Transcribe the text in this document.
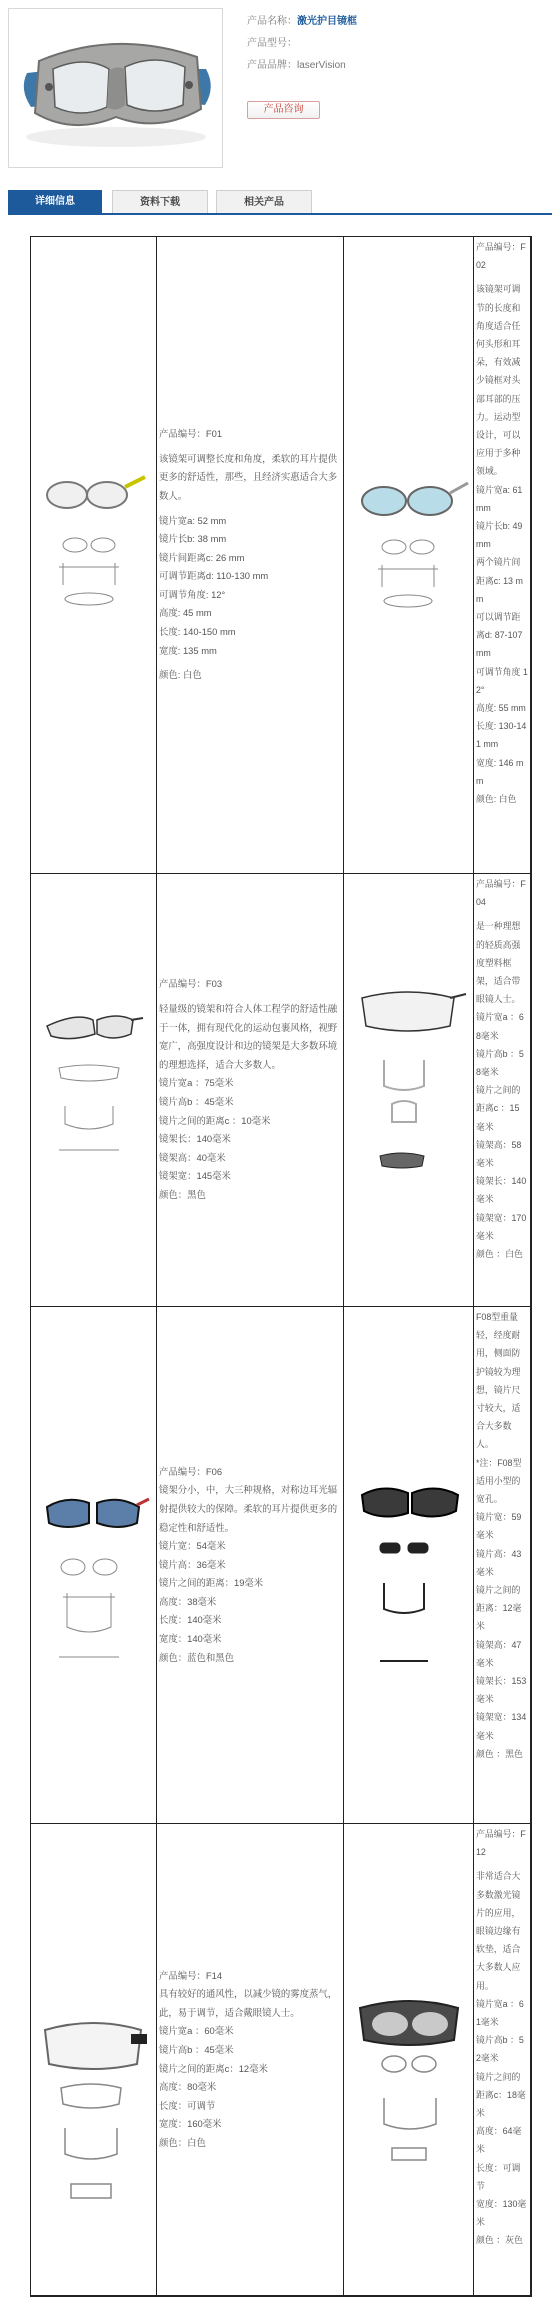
产品名称：激光护目镜框
产品型号：
产品品牌：laserVision
产品咨询
详细信息	资料下载	相关产品

产品编号：F01

该镜架可调整长度和角度，柔软的耳片提供更多的舒适性，那些，且经济实惠适合大多数人。

镜片宽a: 52 mm
镜片长b: 38 mm
镜片间距离c: 26 mm
可调节距离d: 110-130 mm
可调节角度: 12°
高度: 45 mm
长度: 140-150 mm
宽度: 135 mm
颜色: 白色

产品编号：F02

该镜架可调节的长度和角度适合任何头形和耳朵，有效减少镜框对头部耳部的压力。运动型设计，可以应用于多种领域。

镜片宽a: 61 mm
镜片长b: 49 mm
两个镜片间距离c: 13 mm
可以调节距离d: 87-107 mm
可调节角度 12°
高度: 55 mm
长度: 130-141 mm
宽度: 146 mm
颜色: 白色

产品编号：F03

轻量级的镜架和符合人体工程学的舒适性融于一体，拥有现代化的运动包裹风格，视野宽广，高强度设计和边的镜架是大多数环境的理想选择，适合大多数人。

镜片宽a ：75毫米
镜片高b ：45毫米
镜片之间的距离c ：10毫米
镜架长：140毫米
镜架高：40毫米
镜架宽：145毫米
颜色：黑色

产品编号：F04

是一种理想的轻质高强度塑料框架，适合带眼镜人士。

镜片宽a ：68毫米
镜片高b ：58毫米
镜片之间的距离c ：15毫米
镜架高：58毫米
镜架长：140毫米
镜架宽：170毫米
颜色 ：白色
产品编号：F06

镜架分小，中，大三种规格，对称边耳光辐射提供较大的保障。柔软的耳片提供更多的稳定性和舒适性。

镜片宽：54毫米
镜片高：36毫米
镜片之间的距离：19毫米
高度：38毫米
长度：140毫米
宽度：140毫米
颜色：蓝色和黑色

F08型重量轻，经度耐用，侧面防护镜较为理想，镜片尺寸较大，适合大多数人。

*注：F08型适用小型的宽孔。

镜片宽：59毫米
镜片高：43毫米
镜片之间的距离：12毫米
镜架高：47毫米
镜架长：153毫米
镜架宽：134毫米
颜色 ：黑色
产品编号：F14

具有较好的通风性，以减少镜的雾度蒸气，此，易于调节，适合戴眼镜人士。

镜片宽a ：60毫米
镜片高b ：45毫米
镜片之间的距离c：12毫米
高度：80毫米
长度：可调节
宽度：160毫米
颜色：白色

产品编号：F12

非常适合大多数激光镜片的应用，眼镜边缘有软垫，适合大多数人应用。

镜片宽a ：61毫米
镜片高b ：52毫米
镜片之间的距离c：18毫米
高度：64毫米
长度：可调节
宽度：130毫米
颜色 ：灰色
